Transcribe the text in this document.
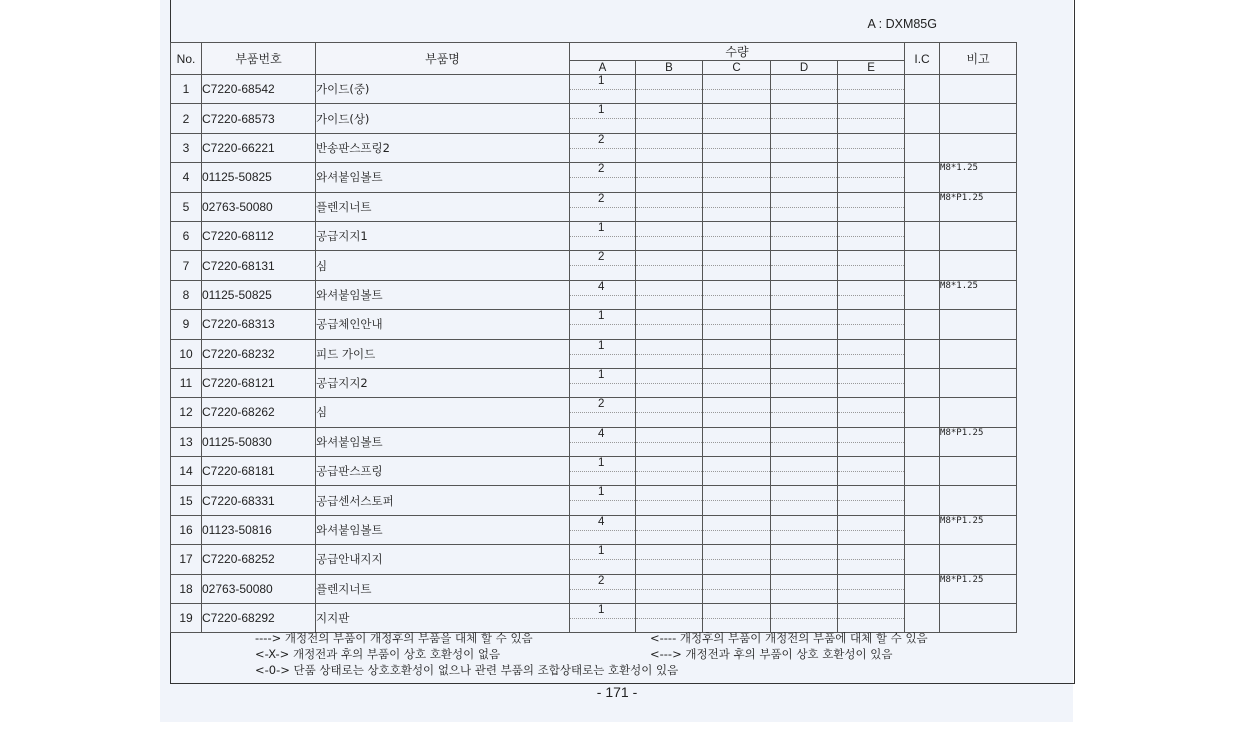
A : DXM85G
No.	부품번호	부품명	수량					I.C	비고
			A	B	C	D	E		
1	C7220-68542	가이드(중)	1						

2	C7220-68573	가이드(상)	1						

3	C7220-66221	반송판스프링2	2						

4	01125-50825	와셔붙임볼트	2						M8*1.25
5	02763-50080	플렌지너트	2						M8*P1.25
6	C7220-68112	공급지지1	1						

7	C7220-68131	심	2						

8	01125-50825	와셔붙임볼트	4						M8*1.25
9	C7220-68313	공급체인안내	1						

10	C7220-68232	피드 가이드	1						

11	C7220-68121	공급지지2	1						

12	C7220-68262	심	2						

13	01125-50830	와셔붙임볼트	4						M8*P1.25
14	C7220-68181	공급판스프링	1						

15	C7220-68331	공급센서스토퍼	1						

16	01123-50816	와셔붙임볼트	4						M8*P1.25
17	C7220-68252	공급안내지지	1						

18	02763-50080	플렌지너트	2						M8*P1.25
19	C7220-68292	지지판	1						

----> 개정전의 부품이 개정후의 부품을 대체 할 수 있음	<---- 개정후의 부품이 개정전의 부품에 대체 할 수 있음
<-X-> 개정전과 후의 부품이 상호 호환성이 없음	<---> 개정전과 후의 부품이 상호 호환성이 있음
<-0-> 단품 상태로는 상호호환성이 없으나 관련 부품의 조합상태로는 호환성이 있음
- 171 -
